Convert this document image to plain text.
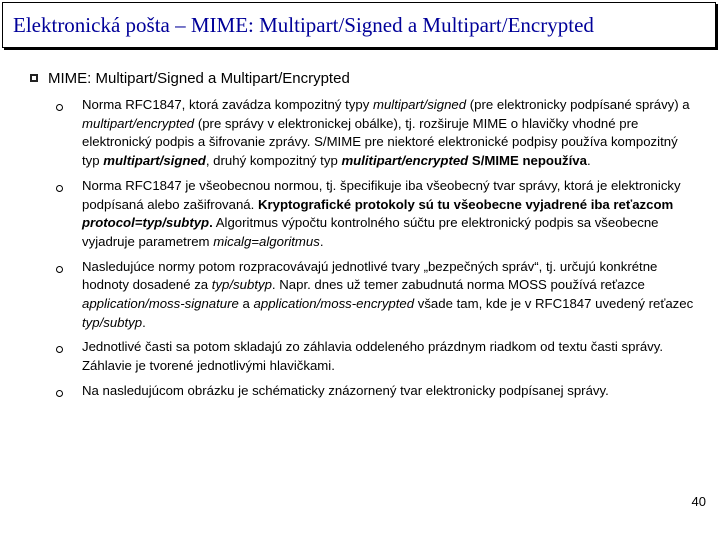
Elektronická pošta – MIME: Multipart/Signed a Multipart/Encrypted
MIME: Multipart/Signed a Multipart/Encrypted
Norma RFC1847, ktorá zavádza kompozitný typy multipart/signed (pre elektronicky podpísané správy) a multipart/encrypted (pre správy v elektronickej obálke), tj. rozširuje MIME o hlavičky vhodné pre elektronický podpis a šifrovanie zprávy. S/MIME pre niektoré elektronické podpisy používa kompozitný typ multipart/signed, druhý kompozitný typ mulitipart/encrypted S/MIME nepoužíva.
Norma RFC1847 je všeobecnou normou, tj. špecifikuje iba všeobecný tvar správy, ktorá je elektronicky podpísaná alebo zašifrovaná. Kryptografické protokoly sú tu všeobecne vyjadrené iba reťazcom protocol=typ/subtyp. Algoritmus výpočtu kontrolného súčtu pre elektronický podpis sa všeobecne vyjadruje parametrem micalg=algoritmus.
Nasledujúce normy potom rozpracovávajú jednotlivé tvary „bezpečných správ“, tj. určujú konkrétne hodnoty dosadené za typ/subtyp. Napr. dnes už temer zabudnutá norma MOSS používá reťazce application/moss-signature a application/moss-encrypted všade tam, kde je v RFC1847 uvedený reťazec typ/subtyp.
Jednotlivé časti sa potom skladajú zo záhlavia oddeleného prázdnym riadkom od textu časti správy. Záhlavie je tvorené jednotlivými hlavičkami.
Na nasledujúcom obrázku je schématicky znázornený tvar elektronicky podpísanej správy.
40
